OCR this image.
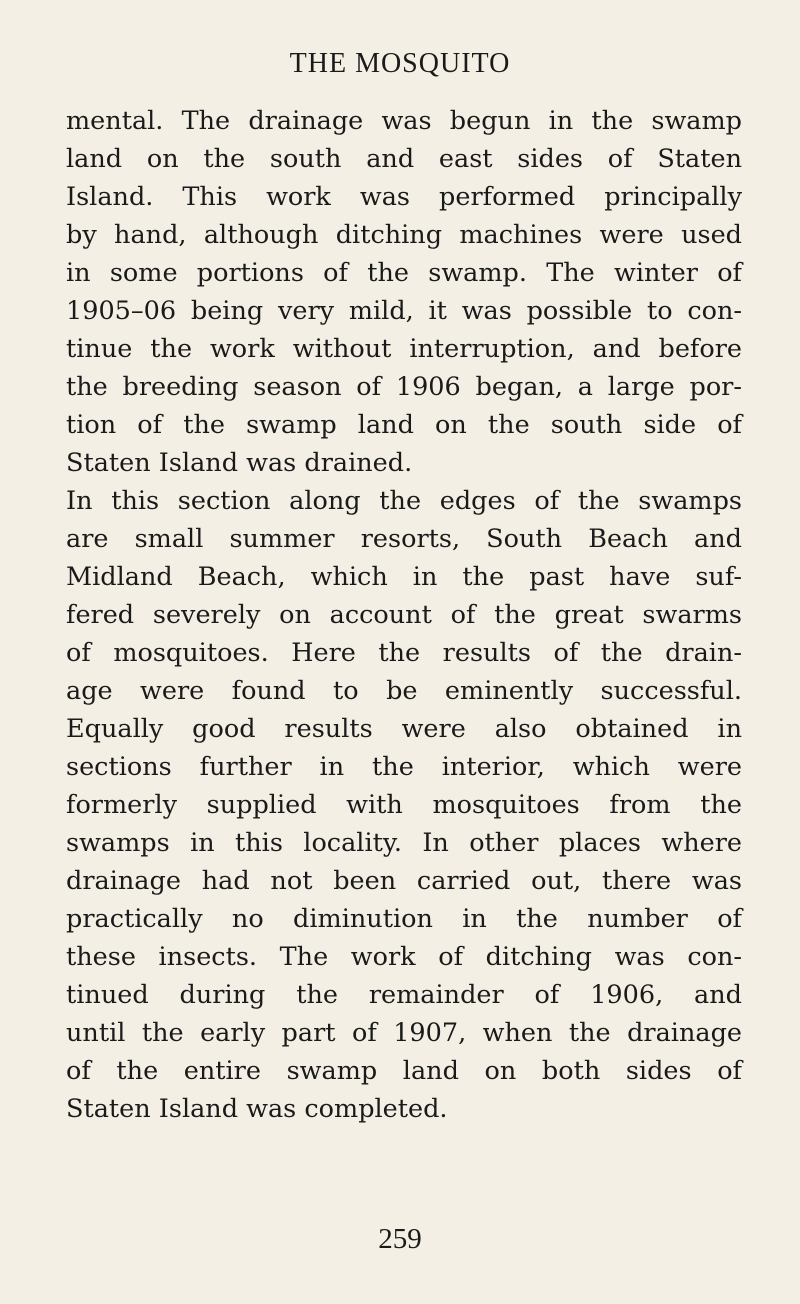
THE MOSQUITO

mental. The drainage was begun in the swamp
land on the south and east sides of Staten
Island. This work was performed principally
by hand, although ditching machines were used
in some portions of the swamp. The winter of
1905–06 being very mild, it was possible to con-
tinue the work without interruption, and before
the breeding season of 1906 began, a large por-
tion of the swamp land on the south side of
Staten Island was drained.

In this section along the edges of the swamps
are small summer resorts, South Beach and
Midland Beach, which in the past have suf-
fered severely on account of the great swarms
of mosquitoes. Here the results of the drain-
age were found to be eminently successful.
Equally good results were also obtained in
sections further in the interior, which were
formerly supplied with mosquitoes from the
swamps in this locality. In other places where
drainage had not been carried out, there was
practically no diminution in the number of
these insects. The work of ditching was con-
tinued during the remainder of 1906, and
until the early part of 1907, when the drainage
of the entire swamp land on both sides of
Staten Island was completed.

259
